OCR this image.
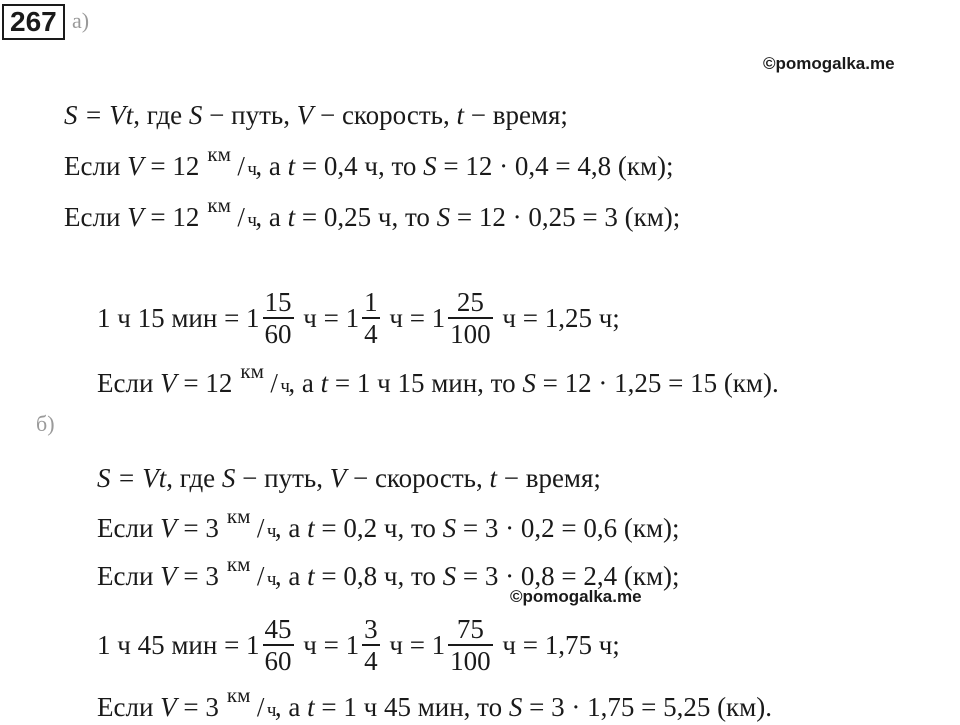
267 а)
©pomogalka.me
S = Vt, где S − путь, V − скорость, t − время;
Если V = 12 км / ч
, а t = 0,4 ч, то S = 12 · 0,4 = 4,8 (км);
Если V = 12 км / ч
, а t = 0,25 ч, то S = 12 · 0,25 = 3 (км);
1 ч 15 мин = $1 \frac{15}{60}$ $ч = 1 \frac{1}{4}$ $ч = 1 \frac{25}{100}$ ч = 1,25 ч;
Если V = 12 км / ч
, а t = 1 ч 15 мин, то S = 12 · 1,25 = 15 (км).
б)
S = Vt, где S − путь, V − скорость, t − время;
Если V = 3 км / ч
, а t = 0,2 ч, то S = 3 · 0,2 = 0,6 (км);
Если V = 3 км / ч
, а t = 0,8 ч, то S = 3 · 0,8 = 2,4 (км);
©pomogalka.me
1 ч 45 мин = $1 \frac{45}{60}$ $ч = 1 \frac{3}{4}$ $ч = 1 \frac{75}{100}$ ч = 1,75 ч;
Если V = 3 км / ч
, а t = 1 ч 45 мин, то S = 3 · 1,75 = 5,25 (км).
